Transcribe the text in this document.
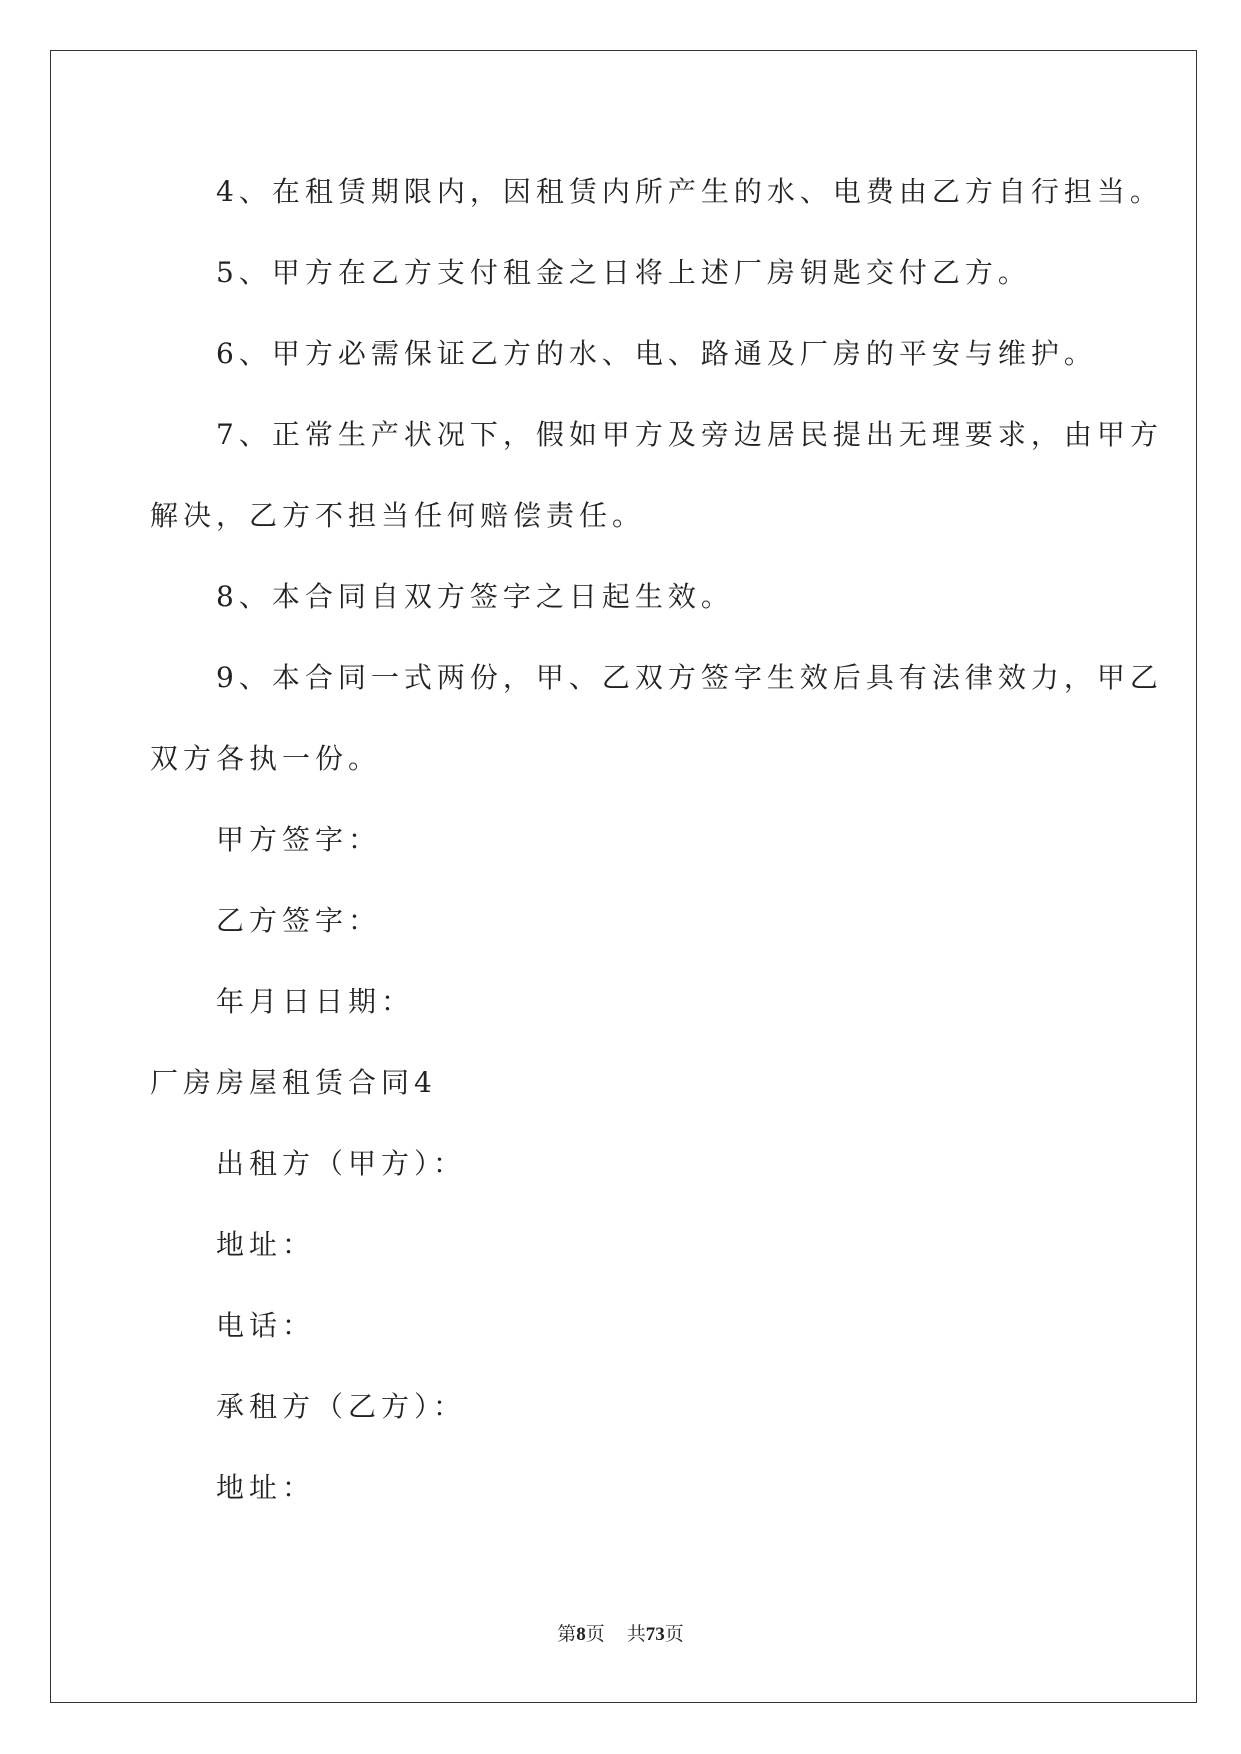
4、在租赁期限内，因租赁内所产生的水、电费由乙方自行担当。
5、甲方在乙方支付租金之日将上述厂房钥匙交付乙方。
6、甲方必需保证乙方的水、电、路通及厂房的平安与维护。
7、正常生产状况下，假如甲方及旁边居民提出无理要求，由甲方
解决，乙方不担当任何赔偿责任。
8、本合同自双方签字之日起生效。
9、本合同一式两份，甲、乙双方签字生效后具有法律效力，甲乙
双方各执一份。
甲方签字：
乙方签字：
年月日日期：
厂房房屋租赁合同4
出租方（甲方）：
地址：
电话：
承租方（乙方）：
地址：
第8页 共73页
